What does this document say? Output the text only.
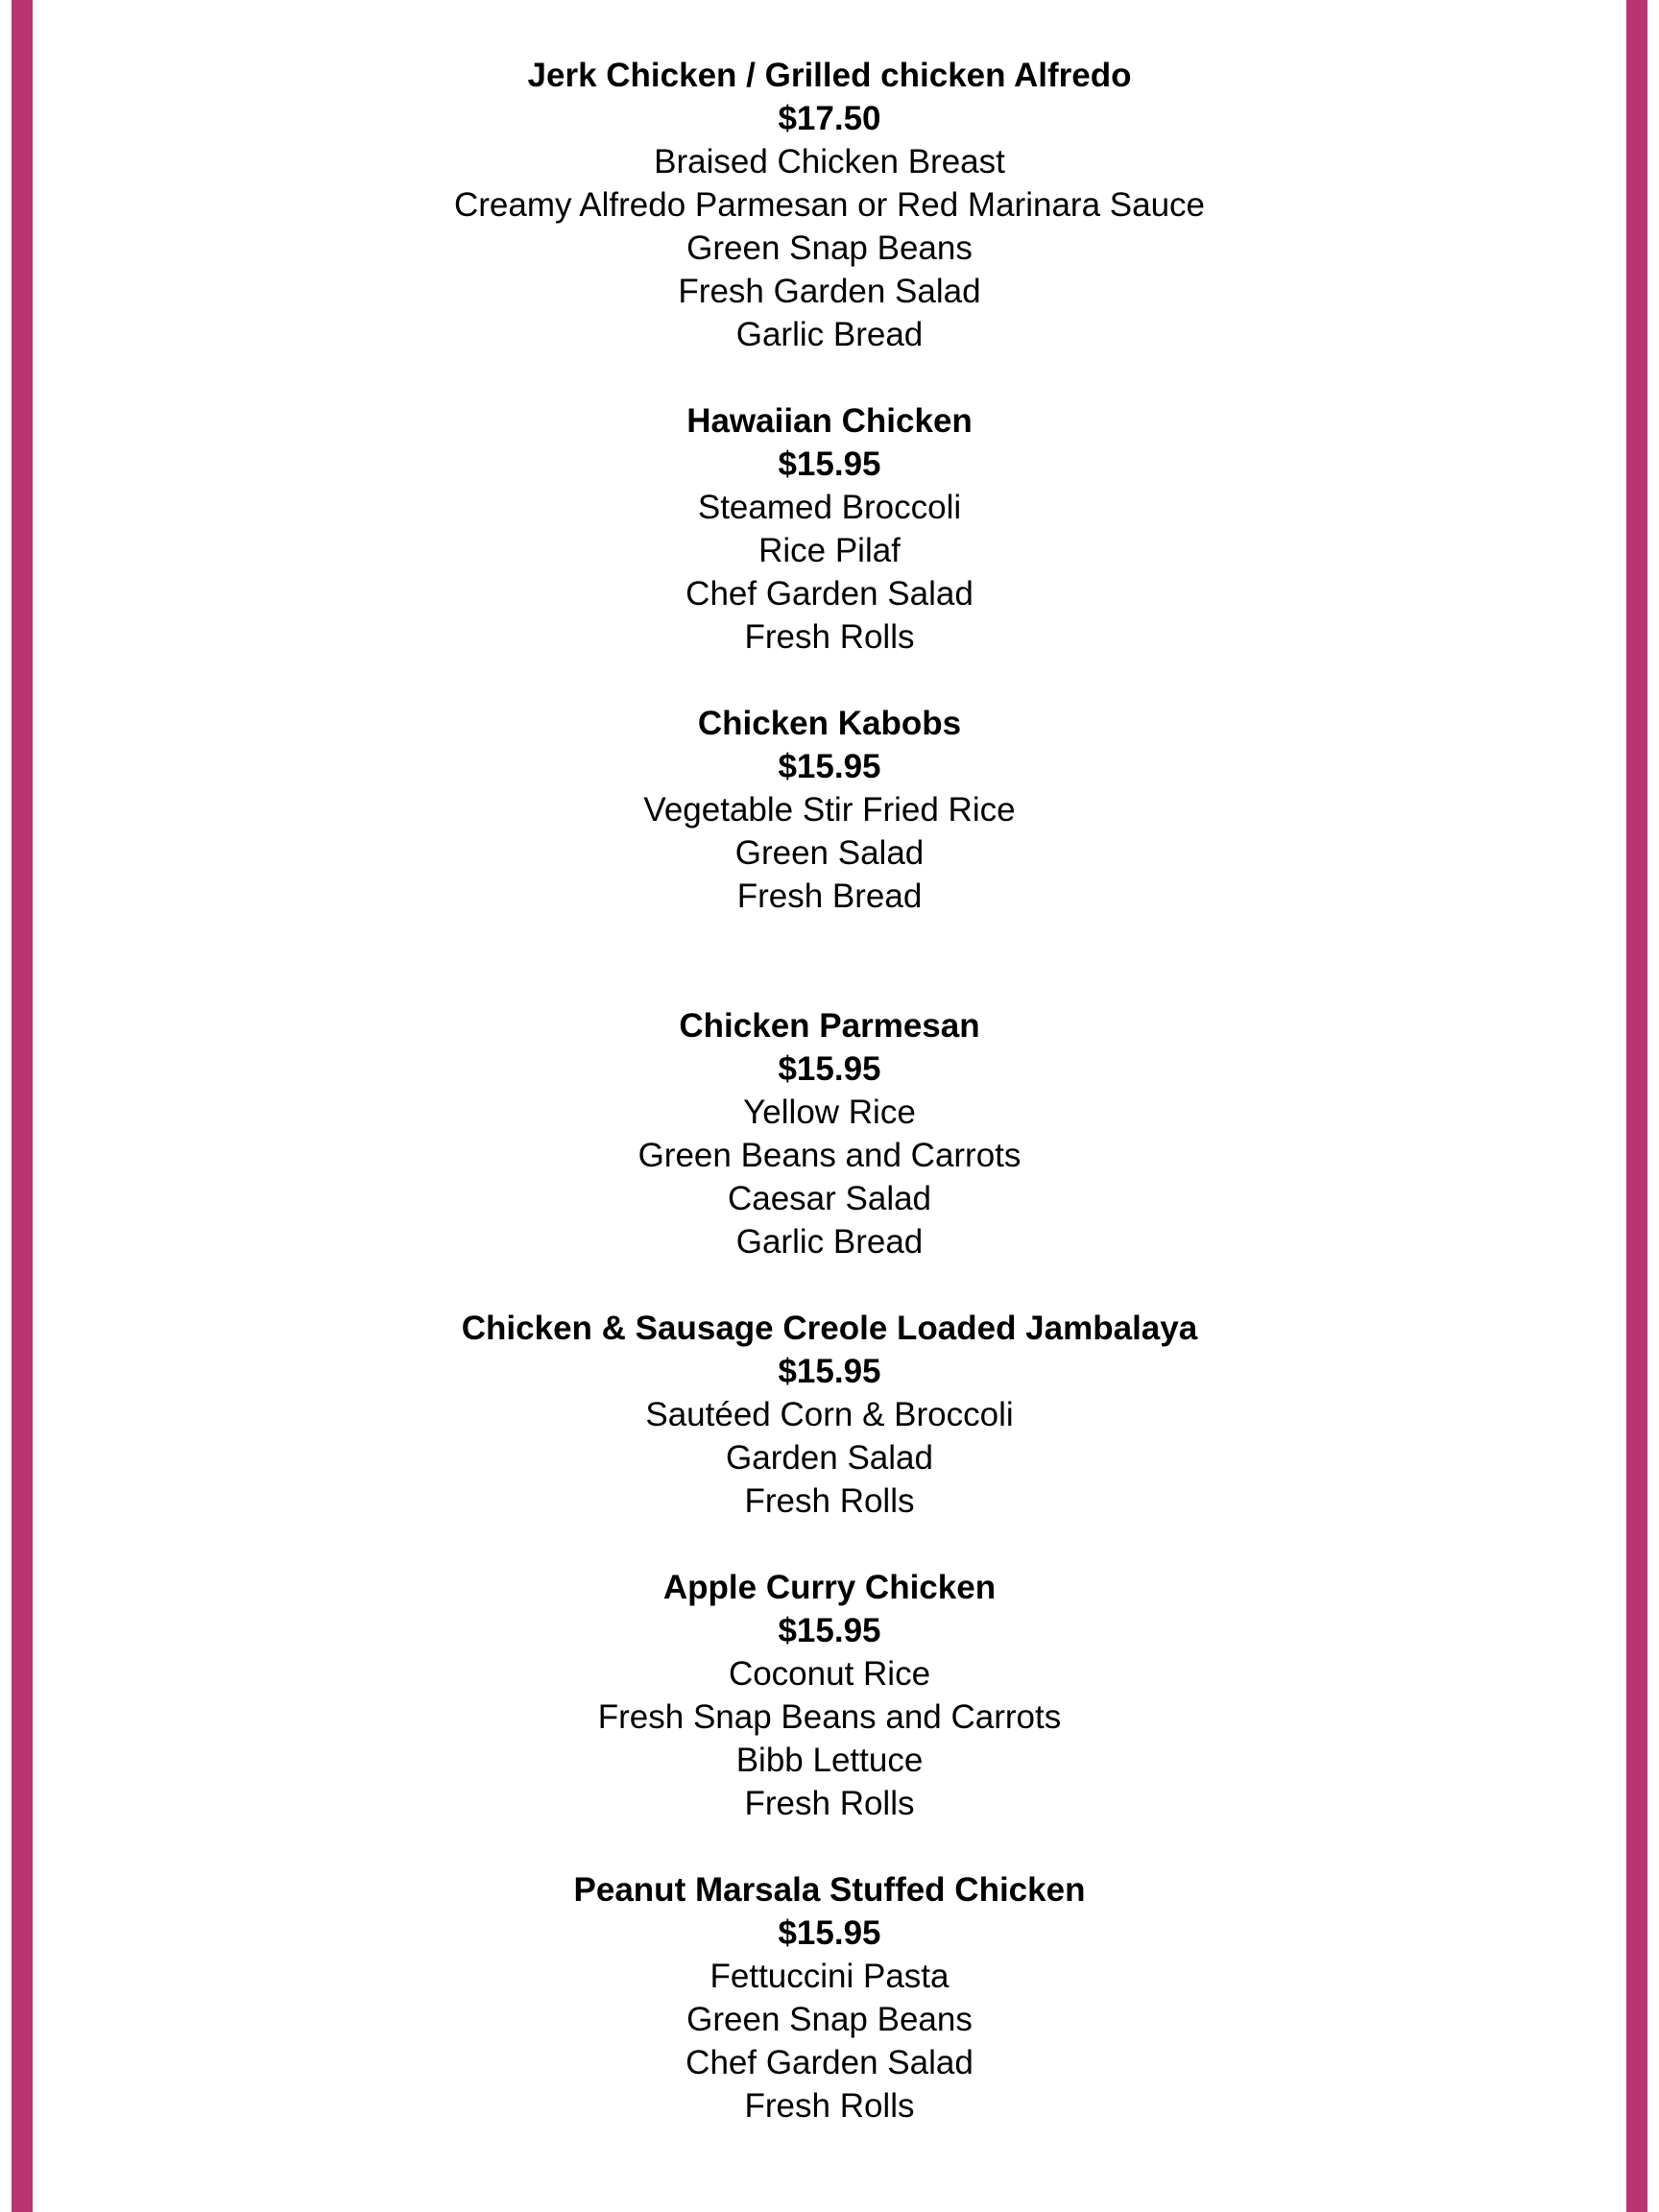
Jerk Chicken / Grilled chicken Alfredo
$17.50
Braised Chicken Breast
Creamy Alfredo Parmesan or Red Marinara Sauce
Green Snap Beans
Fresh Garden Salad
Garlic Bread
Hawaiian Chicken
$15.95
Steamed Broccoli
Rice Pilaf
Chef Garden Salad
Fresh Rolls
Chicken Kabobs
$15.95
Vegetable Stir Fried Rice
Green Salad
Fresh Bread
Chicken Parmesan
$15.95
Yellow Rice
Green Beans and Carrots
Caesar Salad
Garlic Bread
Chicken & Sausage Creole Loaded Jambalaya
$15.95
Sautéed Corn & Broccoli
Garden Salad
Fresh Rolls
Apple Curry Chicken
$15.95
Coconut Rice
Fresh Snap Beans and Carrots
Bibb Lettuce
Fresh Rolls
Peanut Marsala Stuffed Chicken
$15.95
Fettuccini Pasta
Green Snap Beans
Chef Garden Salad
Fresh Rolls
